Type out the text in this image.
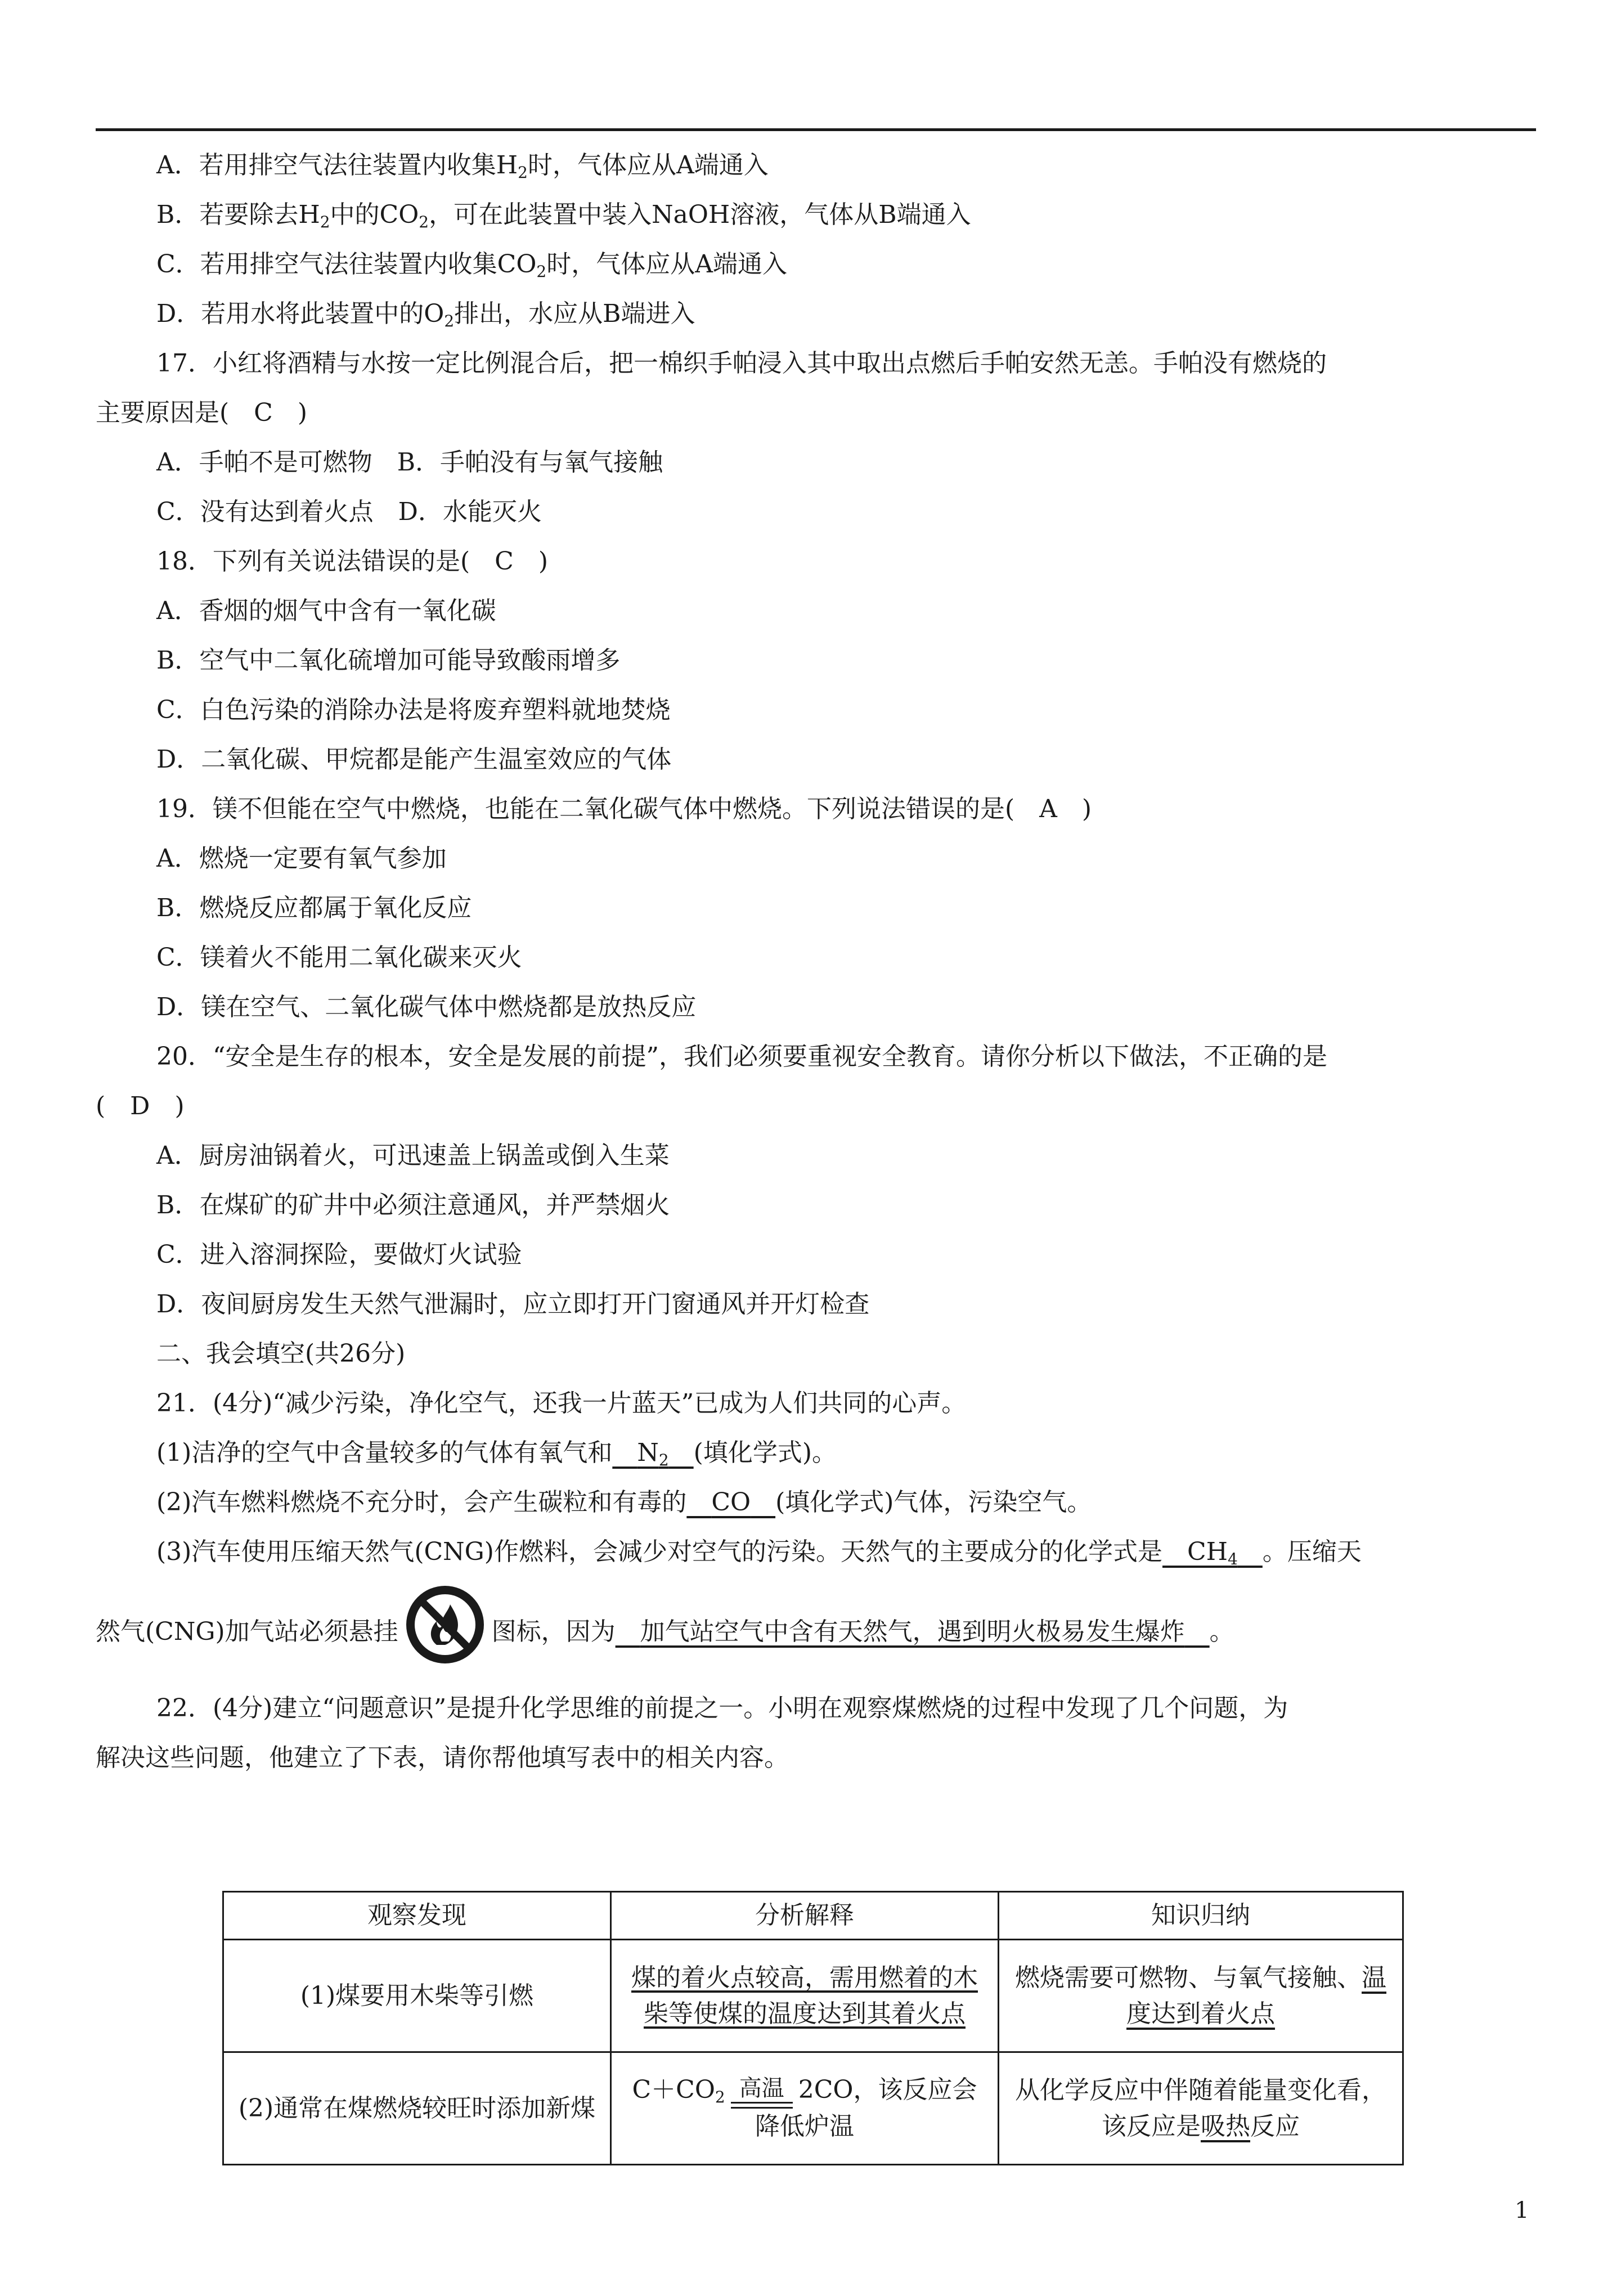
A．若用排空气法往装置内收集$H_2$时，气体应从A端通入
B．若要除去$H_2$中的$CO_2$，可在此装置中装入NaOH溶液，气体从B端通入
C．若用排空气法往装置内收集$CO_2$时，气体应从A端通入
D．若用水将此装置中的$O_2$排出，水应从B端进入
17．小红将酒精与水按一定比例混合后，把一棉织手帕浸入其中取出点燃后手帕安然无恙。手帕没有燃烧的
主要原因是(　C　)
A．手帕不是可燃物　B．手帕没有与氧气接触
C．没有达到着火点　D．水能灭火
18．下列有关说法错误的是(　C　)
A．香烟的烟气中含有一氧化碳
B．空气中二氧化硫增加可能导致酸雨增多
C．白色污染的消除办法是将废弃塑料就地焚烧
D．二氧化碳、甲烷都是能产生温室效应的气体
19．镁不但能在空气中燃烧，也能在二氧化碳气体中燃烧。下列说法错误的是(　A　)
A．燃烧一定要有氧气参加
B．燃烧反应都属于氧化反应
C．镁着火不能用二氧化碳来灭火
D．镁在空气、二氧化碳气体中燃烧都是放热反应
20．“安全是生存的根本，安全是发展的前提”，我们必须要重视安全教育。请你分析以下做法，不正确的是
(　D　)
A．厨房油锅着火，可迅速盖上锅盖或倒入生菜
B．在煤矿的矿井中必须注意通风，并严禁烟火
C．进入溶洞探险，要做灯火试验
D．夜间厨房发生天然气泄漏时，应立即打开门窗通风并开灯检查
二、我会填空(共26分)
21．(4分)“减少污染，净化空气，还我一片蓝天”已成为人们共同的心声。
(1)洁净的空气中含量较多的气体有氧气和   $N_2$   (填化学式)。
(2)汽车燃料燃烧不充分时，会产生碳粒和有毒的   CO   (填化学式)气体，污染空气。
(3)汽车使用压缩天然气(CNG)作燃料，会减少对空气的污染。天然气的主要成分的化学式是   $CH_4$   。压缩天
然气(CNG)加气站必须悬挂	图标，因为   加气站空气中含有天然气，遇到明火极易发生爆炸   。
22．(4分)建立“问题意识”是提升化学思维的前提之一。小明在观察煤燃烧的过程中发现了几个问题，为
解决这些问题，他建立了下表，请你帮他填写表中的相关内容。
观察发现	分析解释	知识归纳
(1)煤要用木柴等引燃	煤的着火点较高，需用燃着的木柴等使煤的温度达到其着火点	燃烧需要可燃物、与氧气接触、温度达到着火点
(2)通常在煤燃烧较旺时添加新煤	$C+CO_2$ 高温 2CO，该反应会降低炉温	从化学反应中伴随着能量变化看，该反应是吸热反应
1
